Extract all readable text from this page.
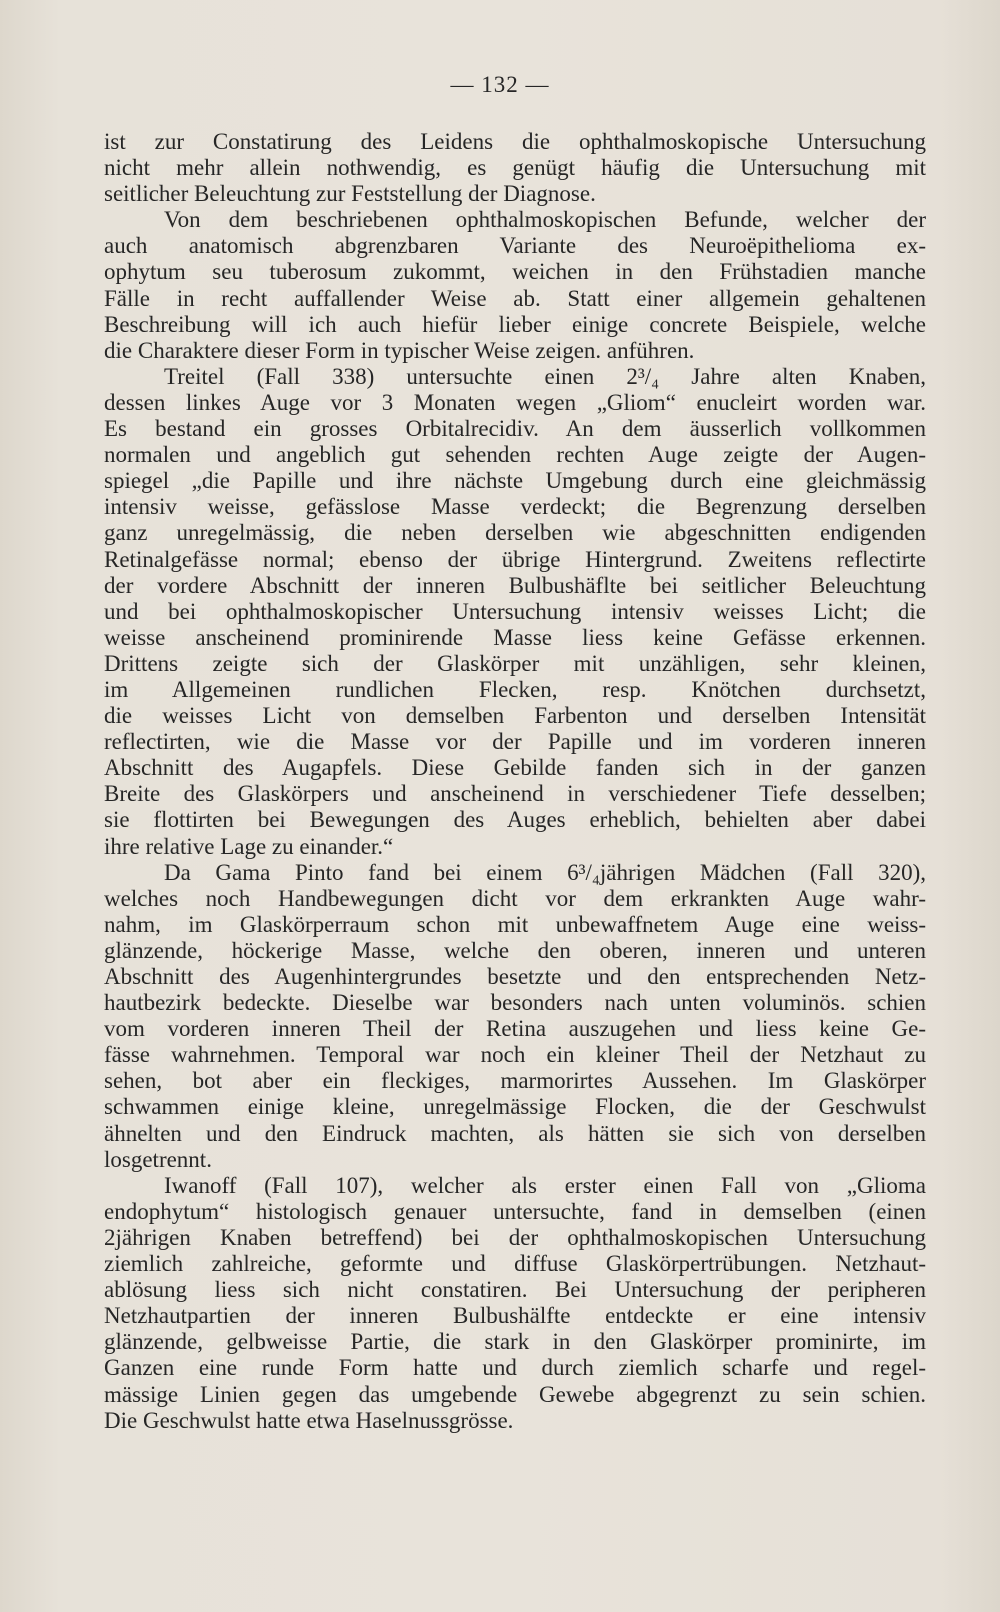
— 132 —
ist zur Constatirung des Leidens die ophthalmoskopische Untersuchung
nicht mehr allein nothwendig, es genügt häufig die Untersuchung mit
seitlicher Beleuchtung zur Feststellung der Diagnose.
Von dem beschriebenen ophthalmoskopischen Befunde, welcher der
auch anatomisch abgrenzbaren Variante des Neuroëpithelioma ex-
ophytum seu tuberosum zukommt, weichen in den Frühstadien manche
Fälle in recht auffallender Weise ab. Statt einer allgemein gehaltenen
Beschreibung will ich auch hiefür lieber einige concrete Beispiele, welche
die Charaktere dieser Form in typischer Weise zeigen. anführen.
Treitel (Fall 338) untersuchte einen 2³/₄ Jahre alten Knaben,
dessen linkes Auge vor 3 Monaten wegen „Gliom“ enucleirt worden war.
Es bestand ein grosses Orbitalrecidiv. An dem äusserlich vollkommen
normalen und angeblich gut sehenden rechten Auge zeigte der Augen-
spiegel „die Papille und ihre nächste Umgebung durch eine gleichmässig
intensiv weisse, gefässlose Masse verdeckt; die Begrenzung derselben
ganz unregelmässig, die neben derselben wie abgeschnitten endigenden
Retinalgefässe normal; ebenso der übrige Hintergrund. Zweitens reflectirte
der vordere Abschnitt der inneren Bulbushäflte bei seitlicher Beleuchtung
und bei ophthalmoskopischer Untersuchung intensiv weisses Licht; die
weisse anscheinend prominirende Masse liess keine Gefässe erkennen.
Drittens zeigte sich der Glaskörper mit unzähligen, sehr kleinen,
im Allgemeinen rundlichen Flecken, resp. Knötchen durchsetzt,
die weisses Licht von demselben Farbenton und derselben Intensität
reflectirten, wie die Masse vor der Papille und im vorderen inneren
Abschnitt des Augapfels. Diese Gebilde fanden sich in der ganzen
Breite des Glaskörpers und anscheinend in verschiedener Tiefe desselben;
sie flottirten bei Bewegungen des Auges erheblich, behielten aber dabei
ihre relative Lage zu einander.“
Da Gama Pinto fand bei einem 6³/₄jährigen Mädchen (Fall 320),
welches noch Handbewegungen dicht vor dem erkrankten Auge wahr-
nahm, im Glaskörperraum schon mit unbewaffnetem Auge eine weiss-
glänzende, höckerige Masse, welche den oberen, inneren und unteren
Abschnitt des Augenhintergrundes besetzte und den entsprechenden Netz-
hautbezirk bedeckte. Dieselbe war besonders nach unten voluminös. schien
vom vorderen inneren Theil der Retina auszugehen und liess keine Ge-
fässe wahrnehmen. Temporal war noch ein kleiner Theil der Netzhaut zu
sehen, bot aber ein fleckiges, marmorirtes Aussehen. Im Glaskörper
schwammen einige kleine, unregelmässige Flocken, die der Geschwulst
ähnelten und den Eindruck machten, als hätten sie sich von derselben
losgetrennt.
Iwanoff (Fall 107), welcher als erster einen Fall von „Glioma
endophytum“ histologisch genauer untersuchte, fand in demselben (einen
2jährigen Knaben betreffend) bei der ophthalmoskopischen Untersuchung
ziemlich zahlreiche, geformte und diffuse Glaskörpertrübungen. Netzhaut-
ablösung liess sich nicht constatiren. Bei Untersuchung der peripheren
Netzhautpartien der inneren Bulbushälfte entdeckte er eine intensiv
glänzende, gelbweisse Partie, die stark in den Glaskörper prominirte, im
Ganzen eine runde Form hatte und durch ziemlich scharfe und regel-
mässige Linien gegen das umgebende Gewebe abgegrenzt zu sein schien.
Die Geschwulst hatte etwa Haselnussgrösse.
